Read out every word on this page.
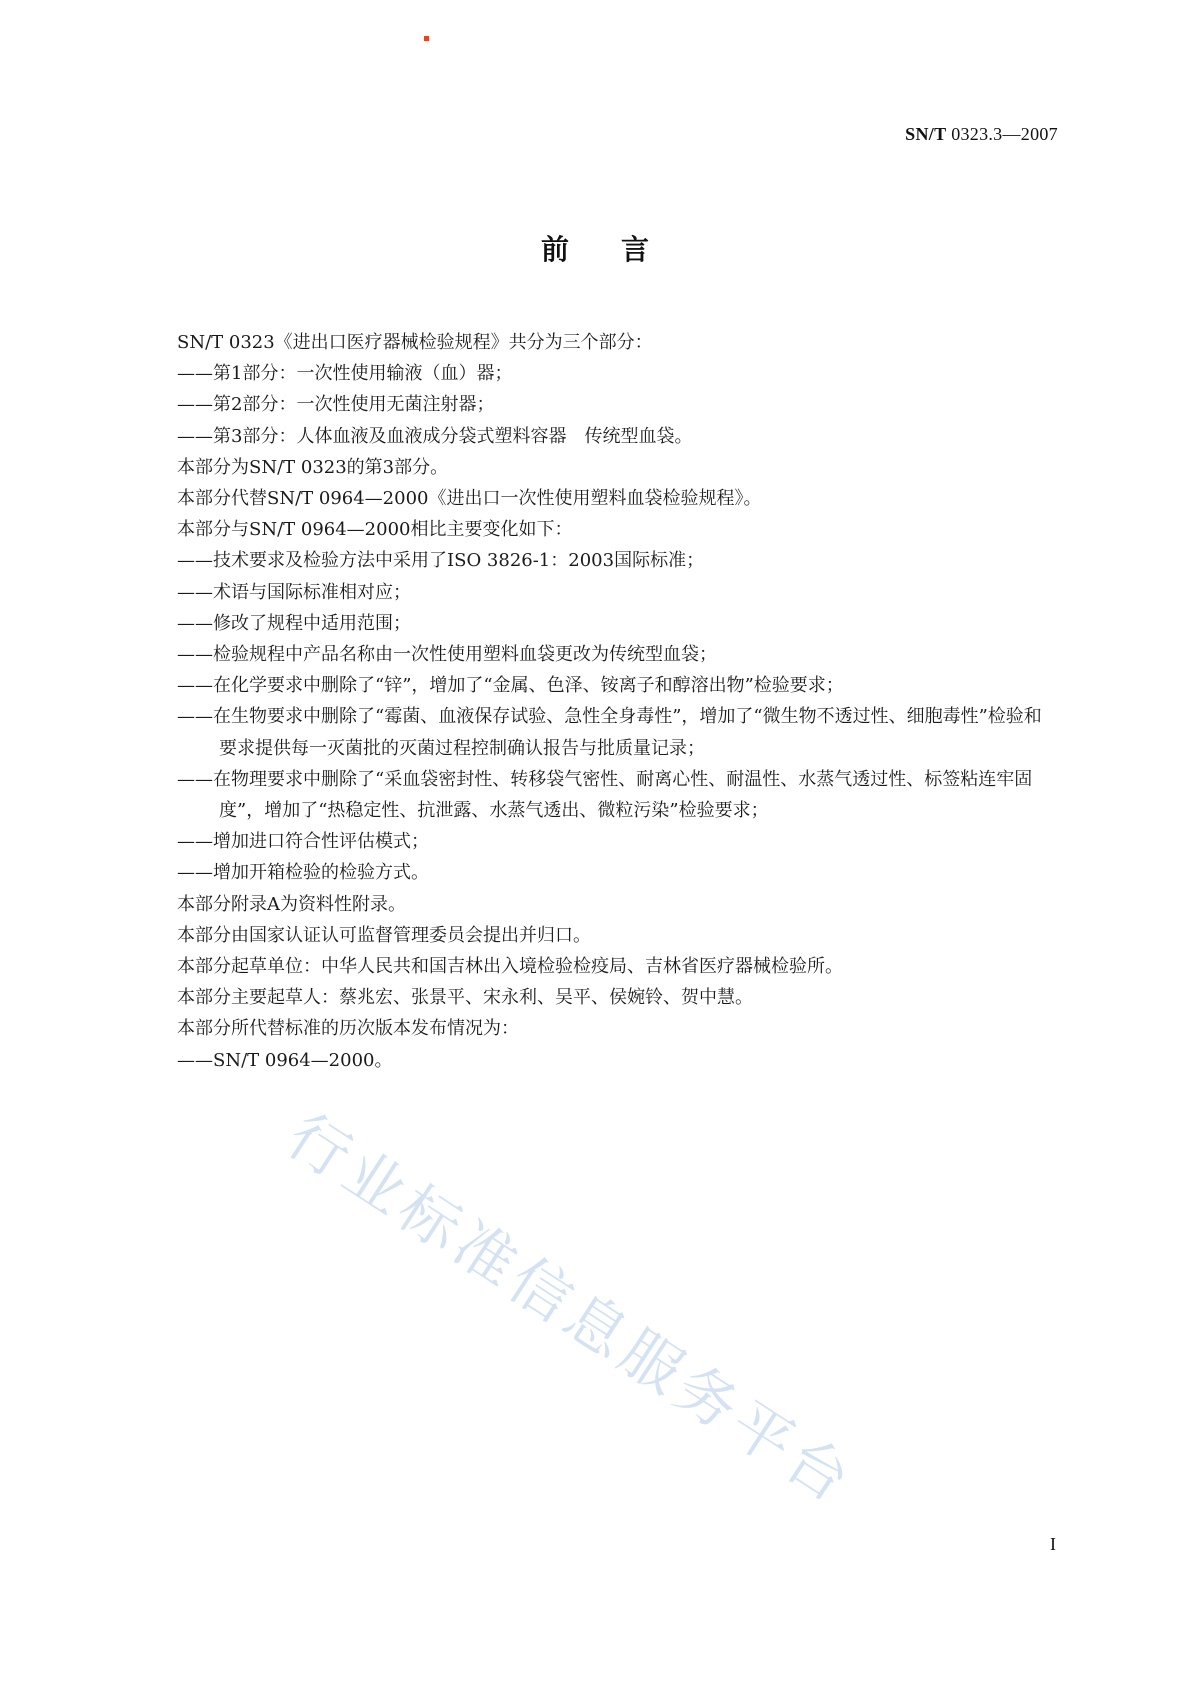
SN/T 0323.3—2007
前言

SN/T 0323《进出口医疗器械检验规程》共分为三个部分：

——第1部分：一次性使用输液（血）器；

——第2部分：一次性使用无菌注射器；

——第3部分：人体血液及血液成分袋式塑料容器　传统型血袋。

本部分为SN/T 0323的第3部分。

本部分代替SN/T 0964—2000《进出口一次性使用塑料血袋检验规程》。

本部分与SN/T 0964—2000相比主要变化如下：

——技术要求及检验方法中采用了ISO 3826-1：2003国际标准；

——术语与国际标准相对应；

——修改了规程中适用范围；

——检验规程中产品名称由一次性使用塑料血袋更改为传统型血袋；

——在化学要求中删除了“锌”，增加了“金属、色泽、铵离子和醇溶出物”检验要求；

——在生物要求中删除了“霉菌、血液保存试验、急性全身毒性”，增加了“微生物不透过性、细胞毒性”检验和要求提供每一灭菌批的灭菌过程控制确认报告与批质量记录；

——在物理要求中删除了“采血袋密封性、转移袋气密性、耐离心性、耐温性、水蒸气透过性、标签粘连牢固度”，增加了“热稳定性、抗泄露、水蒸气透出、微粒污染”检验要求；

——增加进口符合性评估模式；

——增加开箱检验的检验方式。

本部分附录A为资料性附录。

本部分由国家认证认可监督管理委员会提出并归口。

本部分起草单位：中华人民共和国吉林出入境检验检疫局、吉林省医疗器械检验所。

本部分主要起草人：蔡兆宏、张景平、宋永利、吴平、侯婉铃、贺中慧。

本部分所代替标准的历次版本发布情况为：

——SN/T 0964—2000。

I
行业标准信息服务平台
